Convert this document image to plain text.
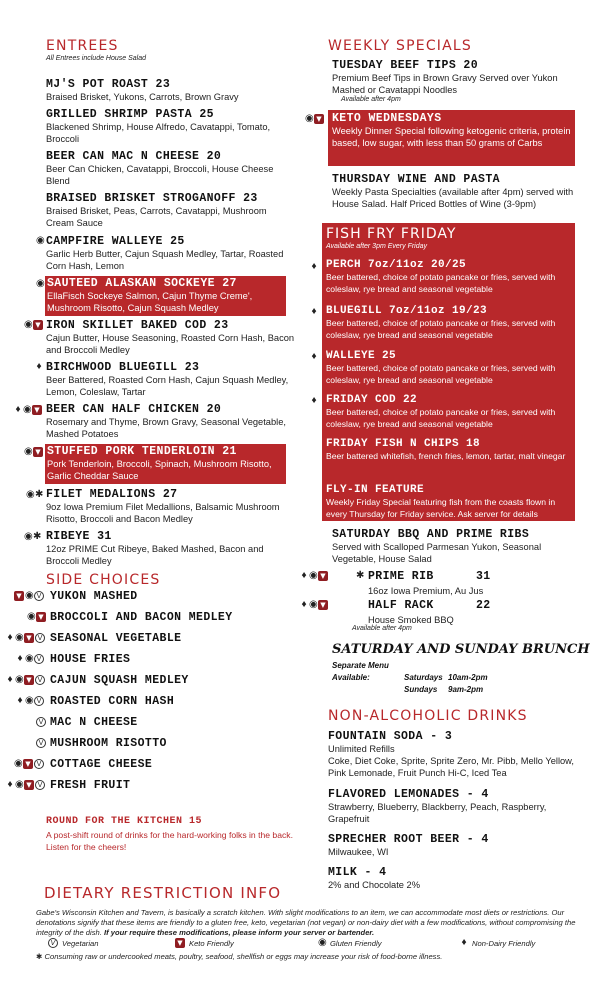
ENTREES
All Entrees include House Salad
MJ'S POT ROAST 23
Braised Brisket, Yukons, Carrots, Brown Gravy
GRILLED SHRIMP PASTA 25
Blackened Shrimp, House Alfredo, Cavatappi, Tomato, Broccoli
BEER CAN MAC N CHEESE 20
Beer Can Chicken, Cavatappi, Broccoli, House Cheese Blend
BRAISED BRISKET STROGANOFF 23
Braised Brisket, Peas, Carrots, Cavatappi, Mushroom Cream Sauce
◉ CAMPFIRE WALLEYE 25
Garlic Herb Butter, Cajun Squash Medley, Tartar, Roasted Corn Hash, Lemon
◉ SAUTEED ALASKAN SOCKEYE 27
EllaFisch Sockeye Salmon, Cajun Thyme Creme', Mushroom Risotto, Cajun Squash Medley
◉ ▼ IRON SKILLET BAKED COD 23
Cajun Butter, House Seasoning, Roasted Corn Hash, Bacon and Broccoli Medley
♦ BIRCHWOOD BLUEGILL 23
Beer Battered, Roasted Corn Hash, Cajun Squash Medley, Lemon, Coleslaw, Tartar
♦ ◉ ▼ BEER CAN HALF CHICKEN 20
Rosemary and Thyme, Brown Gravy, Seasonal Vegetable, Mashed Potatoes
◉ ▼ STUFFED PORK TENDERLOIN 21
Pork Tenderloin, Broccoli, Spinach, Mushroom Risotto, Garlic Cheddar Sauce
◉ ✱ FILET MEDALIONS 27
9oz Iowa Premium Filet Medallions, Balsamic Mushroom Risotto, Broccoli and Bacon Medley
◉ ✱ RIBEYE 31
12oz PRIME Cut Ribeye, Baked Mashed, Bacon and Broccoli Medley
SIDE CHOICES
▼ ◉ V YUKON MASHED
◉ ▼ BROCCOLI AND BACON MEDLEY
♦ ◉ ▼ V SEASONAL VEGETABLE
♦ ◉ V HOUSE FRIES
♦ ◉ ▼ V CAJUN SQUASH MEDLEY
♦ ◉ V ROASTED CORN HASH
V MAC N CHEESE
V MUSHROOM RISOTTO
◉ ▼ V COTTAGE CHEESE
♦ ◉ ▼ V FRESH FRUIT
ROUND FOR THE KITCHEN 15
A post-shift round of drinks for the hard-working folks in the back. Listen for the cheers!
WEEKLY SPECIALS
TUESDAY BEEF TIPS 20
Premium Beef Tips in Brown Gravy Served over Yukon Mashed or Cavatappi Noodles
Available after 4pm
◉ ▼ KETO WEDNESDAYS
Weekly Dinner Special following ketogenic criteria, protein based, low sugar, with less than 50 grams of Carbs
THURSDAY WINE AND PASTA
Weekly Pasta Specialties (available after 4pm) served with House Salad. Half Priced Bottles of Wine (3-9pm)
FISH FRY FRIDAY
Available after 3pm Every Friday
♦ PERCH 7oz/11oz 20/25
Beer battered, choice of potato pancake or fries, served with coleslaw, rye bread and seasonal vegetable
♦ BLUEGILL 7oz/11oz 19/23
Beer battered, choice of potato pancake or fries, served with coleslaw, rye bread and seasonal vegetable
♦ WALLEYE 25
Beer battered, choice of potato pancake or fries, served with coleslaw, rye bread and seasonal vegetable
♦ FRIDAY COD 22
Beer battered, choice of potato pancake or fries, served with coleslaw, rye bread and seasonal vegetable
FRIDAY FISH N CHIPS 18
Beer battered whitefish, french fries, lemon, tartar, malt vinegar
FLY-IN FEATURE
Weekly Friday Special featuring fish from the coasts flown in every Thursday for Friday service. Ask server for details
SATURDAY BBQ AND PRIME RIBS
Served with Scalloped Parmesan Yukon, Seasonal Vegetable, House Salad
♦ ◉ ▼	✱ PRIME RIB	31
16oz Iowa Premium, Au Jus
♦ ◉ ▼	HALF RACK	22
House Smoked BBQ
Available after 4pm
SATURDAY AND SUNDAY BRUNCH
Separate Menu
Available:	Saturdays 10am-2pm
Sundays 9am-2pm
NON-ALCOHOLIC DRINKS
FOUNTAIN SODA - 3
Unlimited Refills
Coke, Diet Coke, Sprite, Sprite Zero, Mr. Pibb, Mello Yellow, Pink Lemonade, Fruit Punch Hi-C, Iced Tea
FLAVORED LEMONADES - 4
Strawberry, Blueberry, Blackberry, Peach, Raspberry, Grapefruit
SPRECHER ROOT BEER - 4
Milwaukee, WI
MILK - 4
2% and Chocolate 2%
DIETARY RESTRICTION INFO
Gabe's Wisconsin Kitchen and Tavern, is basically a scratch kitchen. With slight modifications to an item, we can accommodate most diets or restrictions. Our denotations signify that these items are friendly to a gluten free, keto, vegetarian (not vegan) or non-dairy diet with a few modifications, without compromising the integrity of the dish. If your require these modifications, please inform your server or bartender.
V Vegetarian	▼ Keto Friendly	◉ Gluten Friendly	♦ Non-Dairy Friendly
✱ Consuming raw or undercooked meats, poultry, seafood, shellfish or eggs may increase your risk of food-borne illness.
